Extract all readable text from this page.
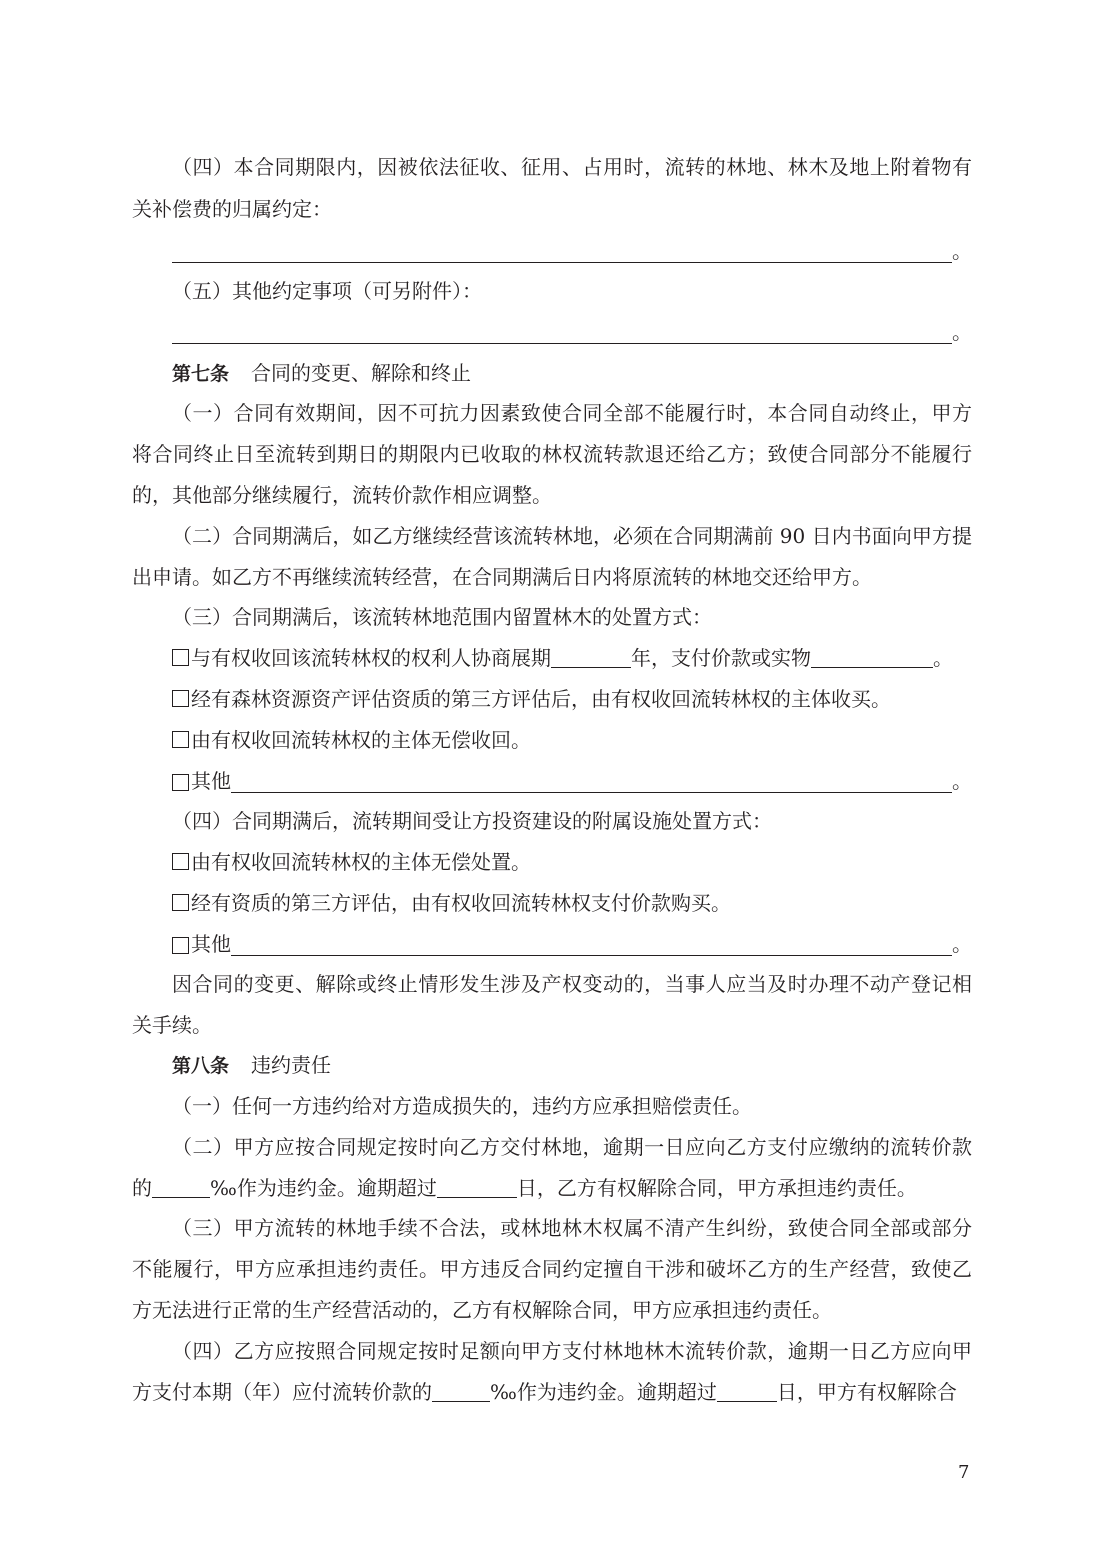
（四）本合同期限内，因被依法征收、征用、占用时，流转的林地、林木及地上附着物有
关补偿费的归属约定：
。
（五）其他约定事项（可另附件）：
。
第七条 合同的变更、解除和终止
（一）合同有效期间，因不可抗力因素致使合同全部不能履行时，本合同自动终止，甲方
将合同终止日至流转到期日的期限内已收取的林权流转款退还给乙方；致使合同部分不能履行
的，其他部分继续履行，流转价款作相应调整。
（二）合同期满后，如乙方继续经营该流转林地，必须在合同期满前 90 日内书面向甲方提
出申请。如乙方不再继续流转经营，在合同期满后日内将原流转的林地交还给甲方。
（三）合同期满后，该流转林地范围内留置林木的处置方式：
与有权收回该流转林权的权利人协商展期	年，支付价款或实物	。
经有森林资源资产评估资质的第三方评估后，由有权收回流转林权的主体收买。
由有权收回流转林权的主体无偿收回。
其他	。
（四）合同期满后，流转期间受让方投资建设的附属设施处置方式：
由有权收回流转林权的主体无偿处置。
经有资质的第三方评估，由有权收回流转林权支付价款购买。
其他	。
因合同的变更、解除或终止情形发生涉及产权变动的，当事人应当及时办理不动产登记相
关手续。
第八条 违约责任
（一）任何一方违约给对方造成损失的，违约方应承担赔偿责任。
（二）甲方应按合同规定按时向乙方交付林地，逾期一日应向乙方支付应缴纳的流转价款
的	‰作为违约金。逾期超过	日，乙方有权解除合同，甲方承担违约责任。
（三）甲方流转的林地手续不合法，或林地林木权属不清产生纠纷，致使合同全部或部分
不能履行，甲方应承担违约责任。甲方违反合同约定擅自干涉和破坏乙方的生产经营，致使乙
方无法进行正常的生产经营活动的，乙方有权解除合同，甲方应承担违约责任。
（四）乙方应按照合同规定按时足额向甲方支付林地林木流转价款，逾期一日乙方应向甲
方支付本期（年）应付流转价款的	‰作为违约金。逾期超过	日，甲方有权解除合
7
